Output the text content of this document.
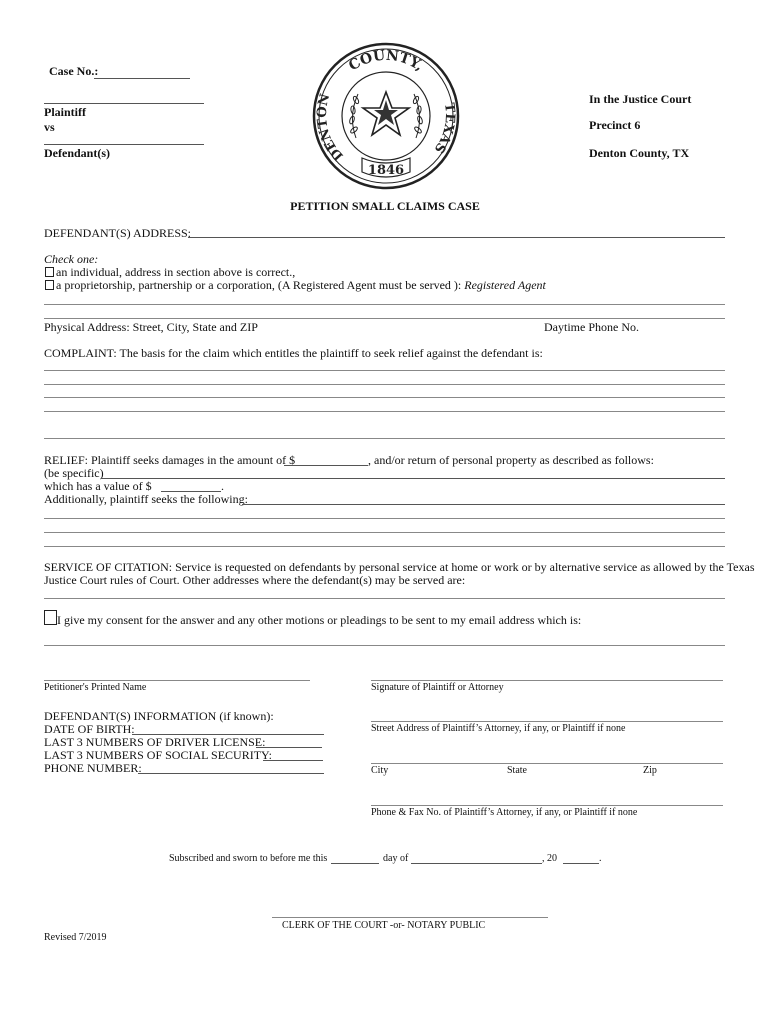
Case No.:
Plaintiff
vs
Defendant(s)
In the Justice Court
Precinct 6
Denton County, TX
COUNTY,
DENTON
TEXAS
1846
PETITION SMALL CLAIMS CASE
DEFENDANT(S) ADDRESS:
Check one:
an individual, address in section above is correct.,
a proprietorship, partnership or a corporation, (A Registered Agent must be served ): Registered Agent
Physical Address: Street, City, State and ZIP	Daytime Phone No.
COMPLAINT: The basis for the claim which entitles the plaintiff to seek relief against the defendant is:
RELIEF: Plaintiff seeks damages in the amount of $	, and/or return of personal property as described as follows:
(be specific)
which has a value of $	.
Additionally, plaintiff seeks the following:
SERVICE OF CITATION: Service is requested on defendants by personal service at home or work or by alternative service as allowed by the Texas
Justice Court rules of Court. Other addresses where the defendant(s) may be served are:
I give my consent for the answer and any other motions or pleadings to be sent to my email address which is:
Petitioner's Printed Name	Signature of Plaintiff or Attorney
DEFENDANT(S) INFORMATION (if known):
DATE OF BIRTH:
LAST 3 NUMBERS OF DRIVER LICENSE:
LAST 3 NUMBERS OF SOCIAL SECURITY:
PHONE NUMBER:
Street Address of Plaintiff’s Attorney, if any, or Plaintiff if none
City	State	Zip
Phone & Fax No. of Plaintiff’s Attorney, if any, or Plaintiff if none
Subscribed and sworn to before me this	day of	, 20	.
CLERK OF THE COURT -or- NOTARY PUBLIC
Revised 7/2019
